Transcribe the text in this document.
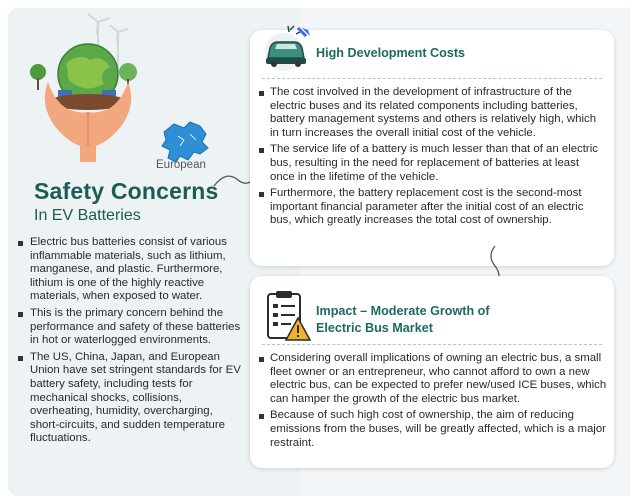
European
Safety Concerns
In EV Batteries
Electric bus batteries consist of various inflammable materials, such as lithium, manganese, and plastic. Furthermore, lithium is one of the highly reactive materials, when exposed to water.
This is the primary concern behind the performance and safety of these batteries in hot or waterlogged environments.
The US, China, Japan, and European Union have set stringent standards for EV battery safety, including tests for mechanical shocks, collisions, overheating, humidity, overcharging, short-circuits, and sudden temperature fluctuations.
High Development Costs
The cost involved in the development of infrastructure of the electric buses and its related components including batteries, battery management systems and others is relatively high, which in turn increases the overall initial cost of the vehicle.
The service life of a battery is much lesser than that of an electric bus, resulting in the need for replacement of batteries at least once in the lifetime of the vehicle.
Furthermore, the battery replacement cost is the second-most important financial parameter after the initial cost of an electric bus, which greatly increases the total cost of ownership.
Impact – Moderate Growth of
Electric Bus Market
Considering overall implications of owning an electric bus, a small fleet owner or an entrepreneur, who cannot afford to own a new electric bus, can be expected to prefer new/used ICE buses, which can hamper the growth of the electric bus market.
Because of such high cost of ownership, the aim of reducing emissions from the buses, will be greatly affected, which is a major restraint.
